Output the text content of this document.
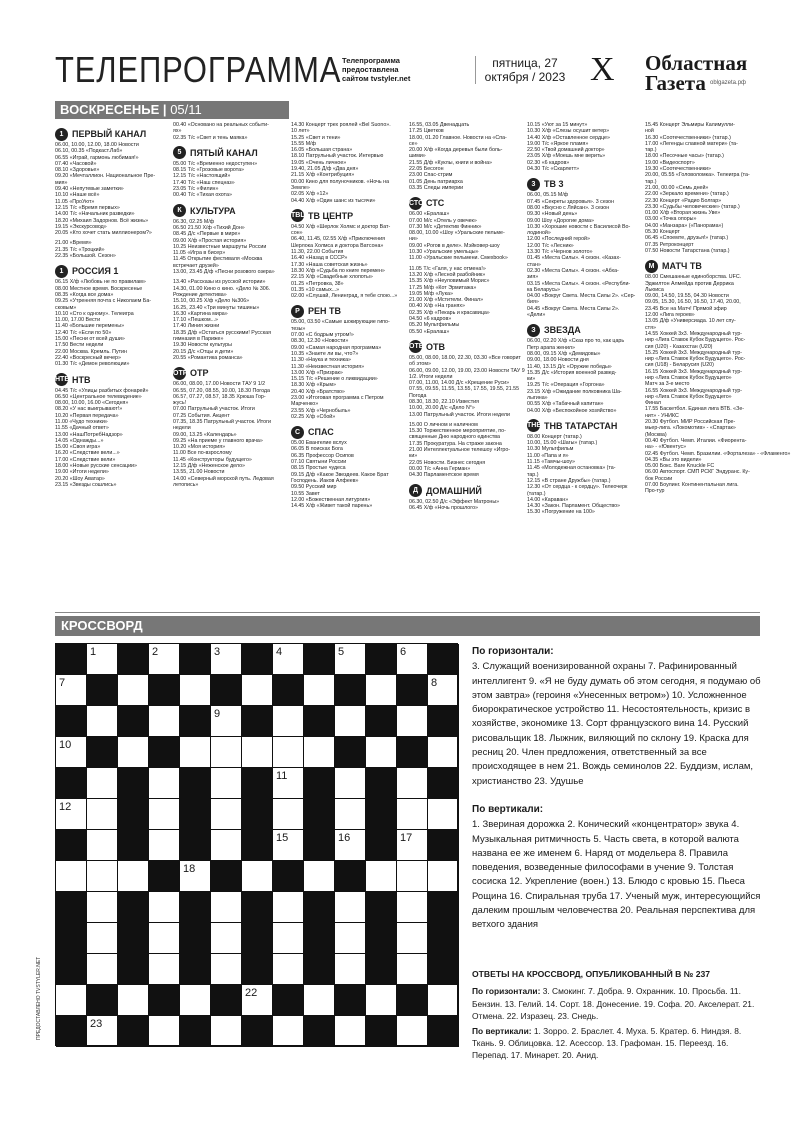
ТЕЛЕПРОГРАММА Телепрограмма предоставлена сайтом tvstyler.net
пятница, 27 октября / 2023 X Областная Газета oblgazeta.рф
ВОСКРЕСЕНЬЕ | 05/11
1 ПЕРВЫЙ КАНАЛ
06.00, 10.00, 12.00, 18.00 Новости
06.10, 00.35 «Подкаст.Лаб»
06.55 «Играй, гармонь любимая!»
07.40 «Часовой»
08.10 «Здоровье»
09.20 «Мечталлион. Национальное Пре-
мия»
09.40 «Непутевые заметки»
10.10 «Наше всё»
11.05 «ПроУют»
12.15 Т/с «Время первых»
14.00 Т/с «Начальник разведки»
18.20 «Михаил Задорнов. Всё жизнь»
19.15 «Экскурсовод»
20.05 «Кто хочет стать миллионером?»
21.00 «Время»
21.35 Т/с «Троцкий»
22.35 «Большой. Сезон»
1 РОССИЯ 1
06.15 Х/ф «Любовь не по правилам»
08.00 Местное время. Воскресенье
08.35 «Когда все дома»
09.25 «Утренняя почта с Николаем Ба-
сковым»
10.10 «Сто к одному». Телеигра
11.00, 17.00 Вести
11.40 «Большие перемены»
12.40 Т/с «Если по 50»
15.00 «Песни от всей души»
17.50 Вести недели
22.00 Москва. Кремль. Путин
22.40 «Воскресный вечер»
01.30 Т/с «Демон революции»
НТВ НТВ
04.45 Т/с «Улицы разбитых фонарей»
06.50 «Центральное телевидение»
08.00, 10.00, 16.00 «Сегодня»
08.20 «У нас выигрывают!»
10.20 «Первая передача»
11.00 «Чудо техники»
11.55 «Дачный ответ»
13.00 «НашПотребНадзор»
14.05 «Однажды...»
15.00 «Своя игра»
16.20 «Следствие вели...»
17.00 «Следствие вели»
18.00 «Новые русские сенсации»
19.00 «Итоги недели»
20.20 «Шоу Аватар»
23.15 «Звезды сошлись»
00.40 «Основано на реальных событи-
ях»
02.35 Т/с «Свет и тень маяка»
5 ПЯТЫЙ КАНАЛ
05.00 Т/с «Временно недоступен»
08.15 Т/с «Грозовые ворота»
12.15 Т/с «Настоящий»
17.40 Т/с «Наш спецназ»
23.05 Т/с «Филин»
00.40 Т/с «Тихая охота»
К КУЛЬТУРА
06.30, 02.25 М/ф
06.50 21.50 Х/ф «Тихий Дон»
08.45 Д/с «Первые в мире»
09.00 Х/ф «Простая история»
10.25 Неизвестные маршруты России
11.05 «Игра в бисер»
11.45 Открытие фестиваля «Москва
встречает друзей»
13.00, 23.45 Д/ф «Песни розового озера»
13.40 «Рассказы из русской истории»
14.30, 01.00 Кино о кино. «Дело № 306.
Рождение детектива»
15.10, 00.25 Х/ф «Дело №306»
16.25, 23.40 «Три минуты тишины»
16.30 «Картина мира»
17.10 «Пешком...»
17.40 Линия жизни
18.35 Д/ф «Остаться русскими! Русская
гимназия в Париже»
19.30 Новости культуры
20.15 Д/с «Отцы и дети»
20.55 «Романтика романса»
ОТР ОТР
06.00, 08.00, 17.00 Новости ТАУ 9 1/2
06.55, 07.20, 08.55, 10.00, 18.30 Погода
06.57, 07.27, 08.57, 18.35 Хрюша Гор-
жусь!
07.00 Патрульный участок. Итоги
07.25 События. Акцент
07.35, 18.35 Патрульный участок. Итоги
недели
09.00, 13.25 «Календарь»
09.25 «На приеме у главного врача»
10.20 «Моя история»
11.00 Все по-взрослому
11.45 «Конструкторы будущего»
12.15 Д/ф «Неженское дело»
13.55, 21.00 Новости
14.00 «Северный морской путь. Ледовая
летопись»
14.30 Концерт трех роялей «Bel Suono».
10 лет»
15.25 «Свет и тени»
15.55 М/ф
16.05 «Большая страна»
18.10 Патрульный участок. Интервью
19.05 «Очень личное»
19.40, 21.05 Д/ф «Два дня»
21.15 Х/ф «Контрибуция»
00.00 Кино для полуночников. «Ночь на
Земле»
02.05 Х/ф «12»
04.40 Х/ф «Один шанс из тысячи»
ТВЦ ТВ ЦЕНТР
04.50 Х/ф «Шерлок Холмс и доктор Ват-
сон»
06.40, 11.45, 02.55 Х/ф «Приключения
Шерлока Холмса и доктора Ватсона»
11.30, 22.00 События
16.40 «Назад в СССР»
17.30 «Наша советская жизнь»
18.30 Х/ф «Судьба по книге перемен»
22.15 Х/ф «Свадебные хлопоты»
01.25 «Петровка, 38»
01.35 «10 самых...»
02.00 «Слушай, Ленинград, я тебе спою...»
Р РЕН ТВ
05.00, 03.50 «Самые шокирующие гипо-
тезы»
07.00 «С бодрым утром!»
08.30, 12.30 «Новости»
09.00 «Самая народная программа»
10.35 «Знаете ли вы, что?»
11.30 «Наука и техника»
11.30 «Неизвестная история»
13.00 Х/ф «Призрак»
15.15 Т/с «Решение о ликвидации»
18.30 Х/ф «Крым»
20.40 Х/ф «Братство»
23.00 «Итоговая программа с Петром
Марченко»
23.55 Х/ф «Чернобыль»
02.25 Х/ф «Сбой»
С СПАС
05.00 Евангелие вслух
06.05 В поисках Бога
06.35 Профессор Осипов
07.10 Святыни России
08.15 Простые чудеса
09.15 Д/ф «Какое Звездеев. Какое Брат
Господень. Иаков Алфеев»
09.50 Русский мир
10.55 Завет
12.00 «Божественная литургия»
14.45 Х/ф «Живет такой парень»
16.55, 03.05 Двенадцать
17.25 Цветков
18.00, 01.20 Главное. Новости на «Спа-
се»
20.00 Х/ф «Когда деревья были боль-
шими»
21.55 Д/ф «Куклы, книги и война»
22.05 Бесогон
23.00 Спас-стрим
01.05 День патриарха
03.35 Следы империи
СТС СТС
06.00 «Ералаш»
07.00 М/с «Отель у овечек»
07.30 М/с «Детектив Финник»
08.00, 10.00 «Шоу «Уральские пельме-
ни»
09.00 «Рогов в деле». Мэйковер-шоу
10.30 «Уральские умельцы»
11.00 «Уральские пельмени. Смехbook»
11.05 Т/с «Галя, у нас отмена!»
13.20 Х/ф «Лесной разбойник»
15.35 Х/ф «Неуловимый Морис»
17.25 М/ф «Кот Эрмитажа»
19.05 М/ф «Лука»
21.00 Х/ф «Мстители. Финал»
00.40 Х/ф «На гранях»
02.35 Х/ф «Пекарь и красавица»
04.50 «6 кадров»
05.20 Мультфильмы
05.50 «Ералаш»
ОТВ ОТВ
05.00, 08.00, 18.00, 22.30, 03.30 «Все говорит
об этом»
06.00, 09.00, 12.00, 19.00, 23.00 Новости ТАУ 9
1/2. Итоги недели
07.00, 11.00, 14.00 Д/с «Крещение Руси»
07.55, 09.55, 11.55, 13.55, 17.55, 19.55, 21.55
Погода
08.30, 18.30, 22.10 Известия
10.00, 20.00 Д/с «Дело N°»
13.00 Патрульный участок. Итоги недели
15.00 О личном и наличном
15.30 Торжественное мероприятие, по-
священные Дню народного единства
17.35 Прокуратура. На страже закона
21.00 Интеллектуальное телешоу «Игро-
ки»
22.05 Новости. Бизнес сегодня
00.00 Т/с «Анна Герман»
04.30 Парламентское время
Д ДОМАШНИЙ
06.30, 02.50 Д/с «Эффект Матроны»
06.45 Х/ф «Ночь прошлого»
10.15 «Уют за 15 минут»
10.30 Х/ф «Слезы осушит ветер»
14.40 Х/ф «Оставленное сердце»
19.00 Т/с «Яркое пламя»
22.50 «Твой домашний доктор»
23.05 Х/ф «Моешь мне верить»
02.30 «6 кадров»
04.30 Т/с «Скарлетт»
3 ТВ 3
06.00, 05.15 М/ф
07.45 «Секреты здоровья». 3 сезон
08.00 «Вкусно с Ляйсан». 3 сезон
09.30 «Новый день»
09.00 Шоу «Дорогие дома»
10.30 «Хорошие новости с Василисой Во-
лодиной»
12.00 «Последний герой»
12.00 Т/с «Лесник»
13.30 Т/с «Чернов золото»
01.45 «Места Силы». 4 сезон. «Казах-
стан»
02.30 «Места Силы». 4 сезон. «Абха-
зия»
03.15 «Места Силы». 4 сезон. «Республи-
ка Беларусь»
04.00 «Вокруг Света. Места Силы 2». «Сер-
бия»
04.45 «Вокруг Света. Места Силы 2».
«Дели»
З ЗВЕЗДА
06.00, 02.20 Х/ф «Сказ про то, как царь
Петр арапа женил»
08.00, 09.15 Х/ф «Демидовы»
09.00, 18.00 Новости дня
11.40, 13.15 Д/с «Оружие победы»
15.35 Д/с «История военной развед-
ки»
19.25 Т/с «Операция «Горгона»
23.15 Х/ф «Ожидание полковника Ша-
лыгина»
00.55 Х/ф «Табачный капитан»
04.00 Х/ф «Беспокойное хозяйство»
ТНВ ТНВ ТАТАРСТАН
08.00 Концерт (татар.)
10.00, 15.00 «Шагы» (татар.)
10.30 Мультфильм
11.00 «Папа и я»
11.15 «Тамчы-шоу»
11.45 «Молодежная остановка» (та-
тар.)
12.15 «В стране Дружбы» (татар.)
12.30 «От сердца - к сердцу». Телеочерк
(татар.)
14.00 «Караван»
14.30 «Закон. Парламент. Общество»
15.30 «Погружение на 100»
15.45 Концерт Эльмиры Калимулли-
ной
16.30 «Соотечественники» (татар.)
17.00 «Легенды славной матери» (та-
тар.)
18.00 «Песочные часы» (татар.)
19.00 «Видеоспорт»
19.30 «Соотечественники»
20.00, 05.55 «Головоломка». Телеигра (та-
тар.)
21.00, 00.00 «Семь дней»
22.00 «Зеркало времени» (татар.)
22.30 Концерт «Радио Болгар»
23.30 «Судьбы человеческие» (татар.)
01.00 Х/ф «Вторая жизнь Уве»
03.00 «Точка опоры»
04.00 «Манзара» («Панорама»)
05.30 Концерт
06.45 «Споемте, друзья!» (татар.)
07.35 Ретроконцерт
07.50 Новости Татарстана (татар.)
М МАТЧ ТВ
08.00 Смешанные единоборства. UFC.
Эджилтон Алмейда против Деррика
Льюиса
09.00, 14.50, 19.55, 04.30 Новости
09.05, 15.30, 16.50, 16.50, 17.40, 20.00,
23.45 Все на Матч! Прямой эфир
12.00 «Лига героев»
13.05 Д/ф «Универсиада. 10 лет спу-
стя»
14.55 Хоккей 3х3. Международный тур-
нир «Лига Ставок Кубок Будущего». Рос-
сия (U20) - Казахстан (U20)
15.25 Хоккей 3х3. Международный тур-
нир «Лига Ставок Кубок Будущего». Рос-
сия (U18) - Беларусия (U20)
16.15 Хоккей 3х3. Международный тур-
нир «Лига Ставок Кубок Будущего»
Матч за 3-е место
16.55 Хоккей 3х3. Международный тур-
нир «Лига Ставок Кубок Будущего»
Финал
17.55 Баскетбол. Единая лига ВТБ. «Зе-
нит» - УНИКС
20.30 Футбол. МИР Российская Пре-
мьер-лига. «Локомотив» - «Спартак»
(Москва)
00.40 Футбол. Чемп. Италии. «Фиорента-
на» - «Ювентус»
02.45 Футбол. Чемп. Бразилии. «Форталеза» - «Фламенго»
04.35 «Вы это видели»
05.00 Бокс. Bare Knuckle FC
06.00 Автоспорт. СМП РСКГ Эндуранс. Ку-
бок России
07.00 Боулинг. Континентальная лига.
Про-тур
КРОССВОРД
1	2	3	4	5	6
7	8
9
10
11
12
15	16	17
18
22
23
По горизонтали:
3. Служащий военизированной охраны 7. Рафинированный интеллигент 9. «Я не буду думать об этом сегодня, я подумаю об этом завтра» (героиня «Унесенных ветром») 10. Усложненное биорократическое устройство 11. Несостоятельность, кризис в хозяйстве, экономике 13. Сорт французского вина 14. Русский рисовальщик 18. Лыжник, виляющий по склону 19. Краска для ресниц 20. Член предложения, ответственный за все происходящее в нем 21. Вождь семинолов 22. Буддизм, ислам, христианство 23. Удушье
По вертикали:
1. Звериная дорожка 2. Конический «концентратор» звука 4. Музыкальная ритмичность 5. Часть света, в которой валюта названа ее же именем 6. Наряд от модельера 8. Правила поведения, возведенные философами в учение 9. Толстая сосиска 12. Укрепление (воен.) 13. Блюдо с кровью 15. Пьеса Рощина 16. Спиральная труба 17. Ученый муж, интересующийся далеким прошлым человечества 20. Реальная перспектива для ветхого здания
ОТВЕТЫ НА КРОССВОРД, ОПУБЛИКОВАННЫЙ В № 237
По горизонтали: 3. Смокинг. 7. Добра. 9. Охранник. 10. Просьба. 11. Бензин. 13. Гелий. 14. Сорт. 18. Донесение. 19. Софа. 20. Акселерат. 21. Отмена. 22. Изразец. 23. Снедь.
По вертикали: 1. Зорро. 2. Браслет. 4. Муха. 5. Кратер. 6. Ниндзя. 8. Ткань. 9. Облицовка. 12. Асессор. 13. Графоман. 15. Переезд. 16. Перепад. 17. Минарет. 20. Анид.
ПРЕДОСТАВЛЕНО TVSTYLER.NET
